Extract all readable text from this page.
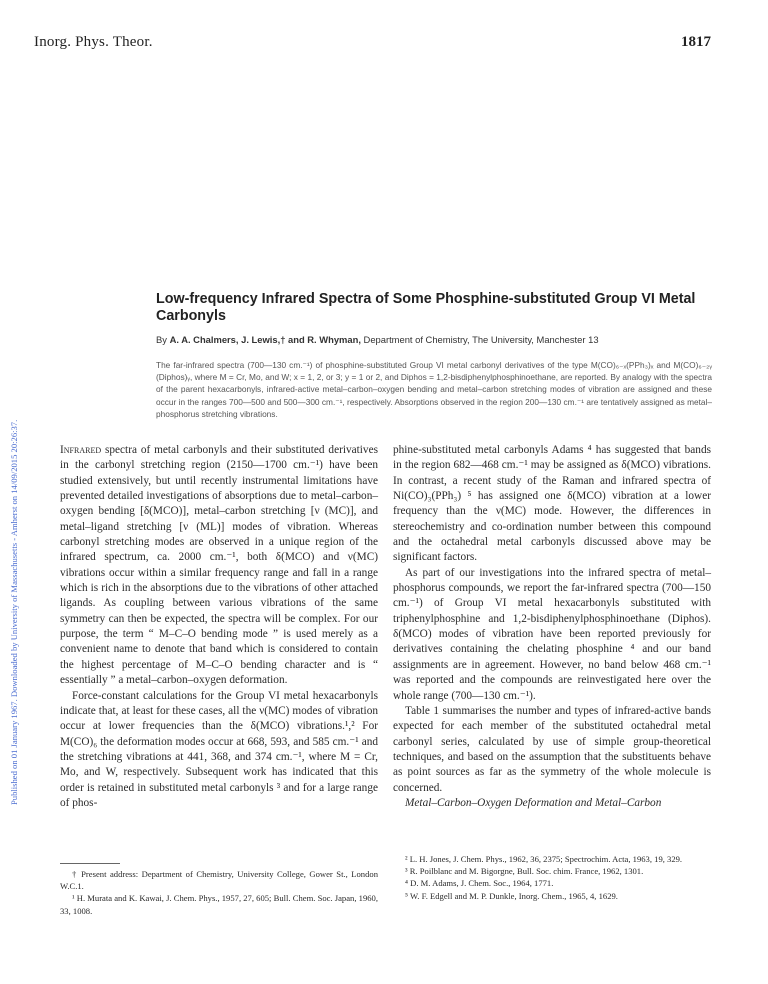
Inorg. Phys. Theor.	1817
Published on 01 January 1967. Downloaded by University of Massachusetts - Amherst on 14/09/2015 20:26:37.
Low-frequency Infrared Spectra of Some Phosphine-substituted Group VI Metal Carbonyls
By A. A. Chalmers, J. Lewis,† and R. Whyman, Department of Chemistry, The University, Manchester 13
The far-infrared spectra (700—130 cm.⁻¹) of phosphine-substituted Group VI metal carbonyl derivatives of the type M(CO)₆₋ₓ(PPh₃)ₓ and M(CO)₆₋₂ᵧ (Diphos)ᵧ, where M = Cr, Mo, and W; x = 1, 2, or 3; y = 1 or 2, and Diphos = 1,2-bisdiphenylphosphinoethane, are reported. By analogy with the spectra of the parent hexacarbonyls, infrared-active metal–carbon–oxygen bending and metal–carbon stretching modes of vibration are assigned and these occur in the ranges 700—500 and 500—300 cm.⁻¹, respectively. Absorptions observed in the region 200—130 cm.⁻¹ are tentatively assigned as metal–phosphorus stretching vibrations.

Infrared spectra of metal carbonyls and their substituted derivatives in the carbonyl stretching region (2150—1700 cm.⁻¹) have been studied extensively, but until recently instrumental limitations have prevented detailed investigations of absorptions due to metal–carbon–oxygen bending [δ(MCO)], metal–carbon stretching [ν (MC)], and metal–ligand stretching [ν (ML)] modes of vibration. Whereas carbonyl stretching modes are observed in a unique region of the infrared spectrum, ca. 2000 cm.⁻¹, both δ(MCO) and ν(MC) vibrations occur within a similar frequency range and fall in a range which is rich in the absorptions due to the vibrations of other attached ligands. As coupling between various vibrations of the same symmetry can then be expected, the spectra will be complex. For our purpose, the term “ M–C–O bending mode ” is used merely as a convenient name to denote that band which is considered to contain the highest percentage of M–C–O bending character and is “ essentially ” a metal–carbon–oxygen deformation.

Force-constant calculations for the Group VI metal hexacarbonyls indicate that, at least for these cases, all the ν(MC) modes of vibration occur at lower frequencies than the δ(MCO) vibrations.¹,² For M(CO)₆ the deformation modes occur at 668, 593, and 585 cm.⁻¹ and the stretching vibrations at 441, 368, and 374 cm.⁻¹, where M = Cr, Mo, and W, respectively. Subsequent work has indicated that this order is retained in substituted metal carbonyls ³ and for a large range of phos-

phine-substituted metal carbonyls Adams ⁴ has suggested that bands in the region 682—468 cm.⁻¹ may be assigned as δ(MCO) vibrations. In contrast, a recent study of the Raman and infrared spectra of Ni(CO)₃(PPh₃) ⁵ has assigned one δ(MCO) vibration at a lower frequency than the ν(MC) mode. However, the differences in stereochemistry and co-ordination number between this compound and the octahedral metal carbonyls discussed above may be significant factors.

As part of our investigations into the infrared spectra of metal–phosphorus compounds, we report the far-infrared spectra (700—150 cm.⁻¹) of Group VI metal hexacarbonyls substituted with triphenylphosphine and 1,2-bisdiphenylphosphinoethane (Diphos). δ(MCO) modes of vibration have been reported previously for derivatives containing the chelating phosphine ⁴ and our band assignments are in agreement. However, no band below 468 cm.⁻¹ was reported and the compounds are reinvestigated here over the whole range (700—130 cm.⁻¹).

Table 1 summarises the number and types of infrared-active bands expected for each member of the substituted octahedral metal carbonyl series, calculated by use of simple group-theoretical techniques, and based on the assumption that the substituents behave as point sources as far as the symmetry of the whole molecule is concerned.

Metal–Carbon–Oxygen Deformation and Metal–Carbon

† Present address: Department of Chemistry, University College, Gower St., London W.C.1.

¹ H. Murata and K. Kawai, J. Chem. Phys., 1957, 27, 605; Bull. Chem. Soc. Japan, 1960, 33, 1008.

² L. H. Jones, J. Chem. Phys., 1962, 36, 2375; Spectrochim. Acta, 1963, 19, 329.

³ R. Poilblanc and M. Bigorgne, Bull. Soc. chim. France, 1962, 1301.

⁴ D. M. Adams, J. Chem. Soc., 1964, 1771.

⁵ W. F. Edgell and M. P. Dunkle, Inorg. Chem., 1965, 4, 1629.
